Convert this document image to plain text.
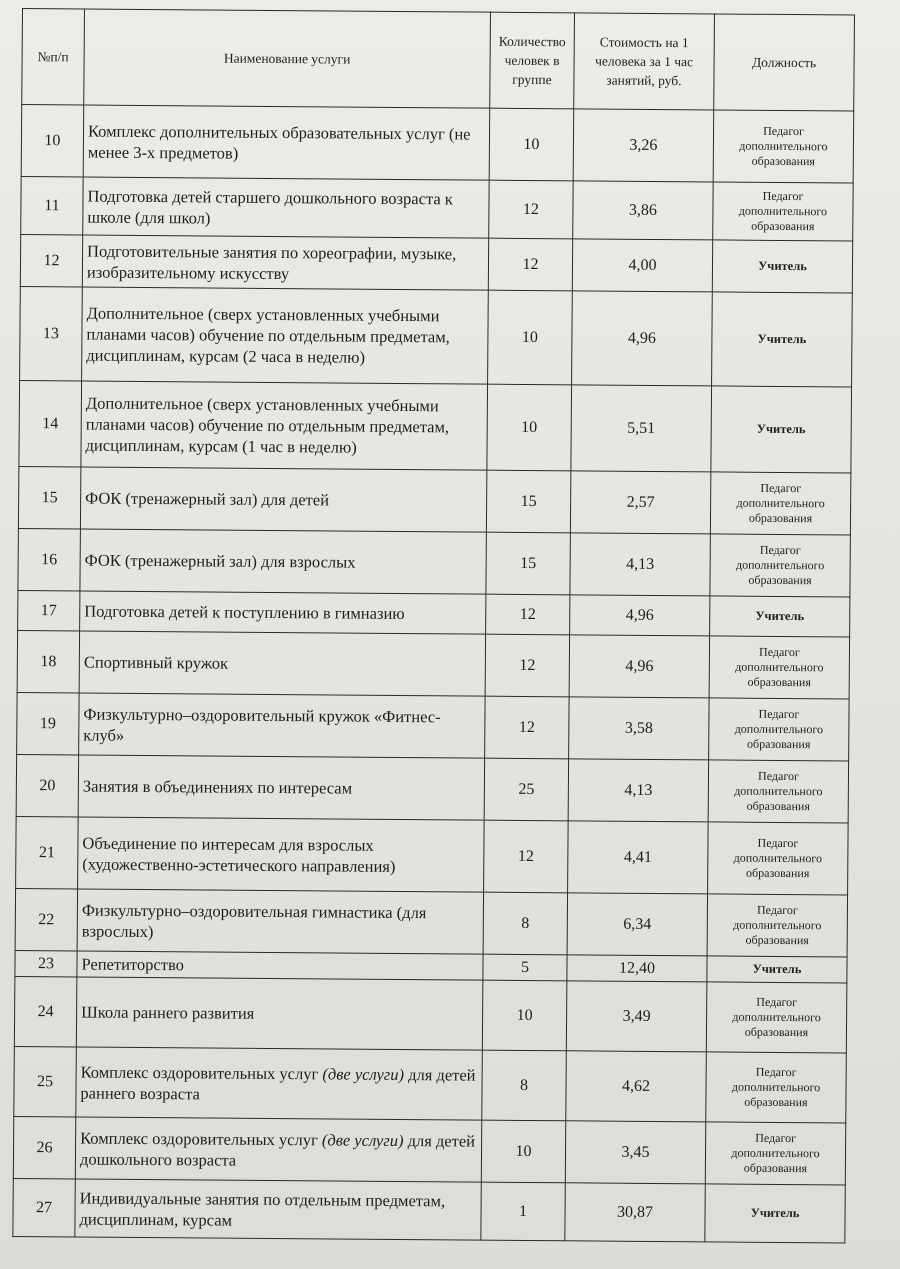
№п/п	Наименование услуги	Количество человек в группе	Стоимость на 1 человека за 1 час занятий, руб.	Должность
10	Комплекс дополнительных образовательных услуг (не менее 3-х предметов)	10	3,26	Педагог
дополнительного
образования

11	Подготовка детей старшего дошкольного возраста к школе (для школ)	12	3,86	Педагог
дополнительного
образования

12	Подготовительные занятия по хореографии, музыке, изобразительному искусству	12	4,00	Учитель

13	Дополнительное (сверх установленных учебными планами часов) обучение по отдельным предметам, дисциплинам, курсам (2 часа в неделю)	10	4,96	Учитель

14	Дополнительное (сверх установленных учебными планами часов) обучение по отдельным предметам, дисциплинам, курсам (1 час в неделю)	10	5,51	Учитель

15	ФОК (тренажерный зал) для детей	15	2,57	Педагог
дополнительного
образования

16	ФОК (тренажерный зал) для взрослых	15	4,13	Педагог
дополнительного
образования

17	Подготовка детей к поступлению в гимназию	12	4,96	Учитель

18	Спортивный кружок	12	4,96	Педагог
дополнительного
образования

19	Физкультурно–оздоровительный кружок «Фитнес- клуб»	12	3,58	Педагог
дополнительного
образования

20	Занятия в объединениях по интересам	25	4,13	Педагог
дополнительного
образования

21	Объединение по интересам для взрослых (художественно-эстетического направления)	12	4,41	Педагог
дополнительного
образования

22	Физкультурно–оздоровительная гимнастика (для взрослых)	8	6,34	Педагог
дополнительного
образования

23	Репетиторство	5	12,40	Учитель

24	Школа раннего развития	10	3,49	Педагог
дополнительного
образования

25	Комплекс оздоровительных услуг (две услуги) для детей раннего возраста	8	4,62	Педагог
дополнительного
образования

26	Комплекс оздоровительных услуг (две услуги) для детей дошкольного возраста	10	3,45	Педагог
дополнительного
образования

27	Индивидуальные занятия по отдельным предметам, дисциплинам, курсам	1	30,87	Учитель
